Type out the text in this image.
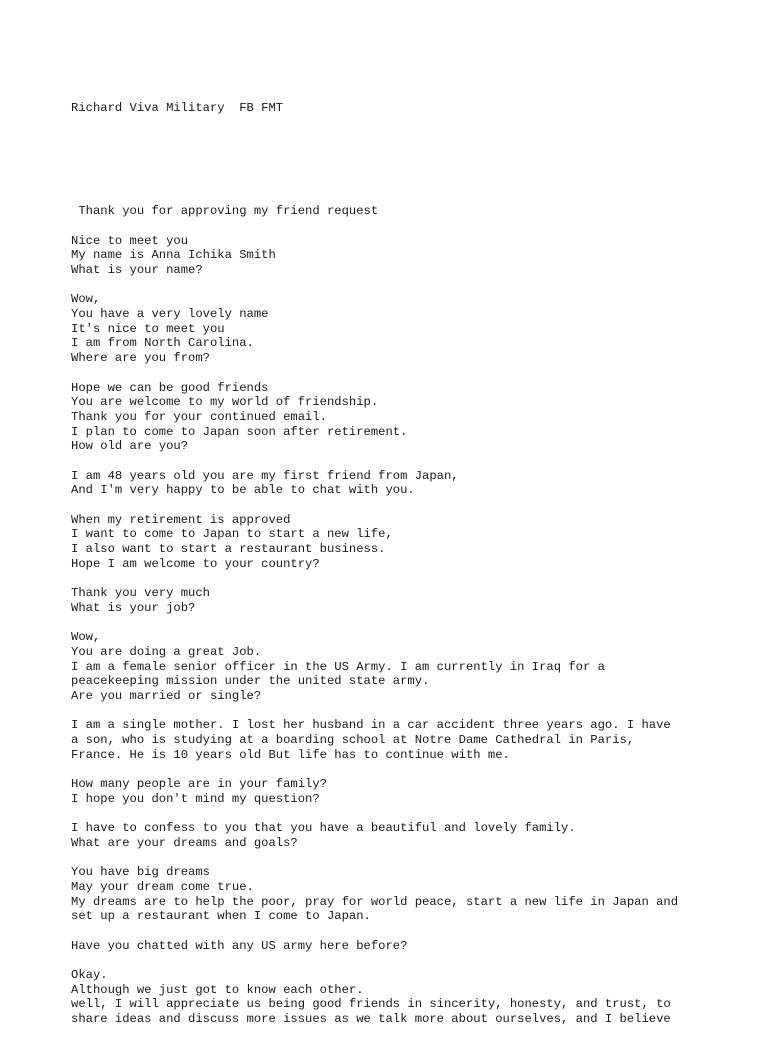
Richard Viva Military  FB FMT

Thank you for approving my friend request
Nice to meet you
My name is Anna Ichika Smith
What is your name?
Wow,
You have a very lovely name
It's nice to meet you
I am from North Carolina.
Where are you from?
Hope we can be good friends
You are welcome to my world of friendship.
Thank you for your continued email.
I plan to come to Japan soon after retirement.
How old are you?
I am 48 years old you are my first friend from Japan,
And I'm very happy to be able to chat with you.
When my retirement is approved
I want to come to Japan to start a new life,
I also want to start a restaurant business.
Hope I am welcome to your country?
Thank you very much
What is your job?
Wow,
You are doing a great Job.
I am a female senior officer in the US Army. I am currently in Iraq for a
peacekeeping mission under the united state army.
Are you married or single?
I am a single mother. I lost her husband in a car accident three years ago. I have
a son, who is studying at a boarding school at Notre Dame Cathedral in Paris,
France. He is 10 years old But life has to continue with me.
How many people are in your family?
I hope you don't mind my question?
I have to confess to you that you have a beautiful and lovely family.
What are your dreams and goals?
You have big dreams
May your dream come true.
My dreams are to help the poor, pray for world peace, start a new life in Japan and
set up a restaurant when I come to Japan.
Have you chatted with any US army here before?
Okay.
Although we just got to know each other.
well, I will appreciate us being good friends in sincerity, honesty, and trust, to
share ideas and discuss more issues as we talk more about ourselves, and I believe
